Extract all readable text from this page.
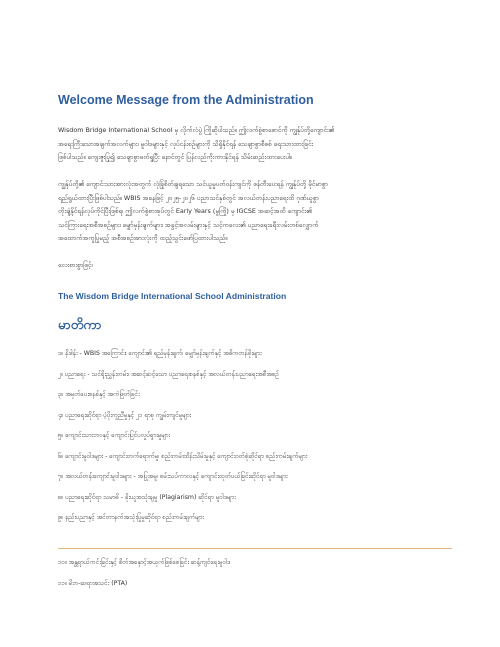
Welcome Message from the Administration
Wisdom Bridge International School မှ လိုက်လံပွဲ ကြိုဆိုပါသည်။ ဤလက်စွဲစာစောင်ကို ကျွန်ုပ်တို့ကျောင်း၏
အရေးကြီးသောအချက်အလက်များ၊ မူဝါဒများနှင့် လုပ်ငန်းစဉ်များကို သိရှိနိုင်ရန် သေချာစွာစီစစ် ရေးသားထားခြင်း
ဖြစ်ပါသည်။ ကျေးဇူးပြု၍ သေချာစွာဖတ်ရှုပြီး နောင်တွင် ပြန်လည်ကိုးကားနိုင်ရန် သိမ်းဆည်းထားပေးပါ။
ကျွန်ုပ်တို့၏ ကျောင်းသားအားလုံးအတွက် လုံခြုံစိတ်ချရသော သင်ယူမှုပတ်ဝန်းကျင်ကို ဖန်တီးပေးရန် ကျွန်ုပ်တို့ မိုင်မာစွာ
ရည်ရွယ်ထားပြီးဖြစ်ပါသည်။ WBIS အနေဖြင့် ၂၀၂၅-၂၀၂၆ ပညာသင်နှစ်တွင် အလယ်တန်းပညာရေးထိ ဂုဏ်ယူစွာ
တိုးချဲ့နိုင်ရန်လုပ်ကိုင်ပြီးဖြစ်ရ၊ ဤလက်စွဲစာအုပ်တွင် Early Years (မူကြို) မှ IGCSE အဆင့်အထိ ကျောင်း၏
သင်ကြားရေးအစီအစဉ်များ၊ မျှော်မှန်းချက်များ၊ အခွင့်အလမ်းများနှင့် သင့်ကလေး၏ ပညာရေးခရီးလမ်းတစ်လျှောက်
အထောက်အကူပြုမည့် အစီအစဉ်အားလုံးကို ထည့်သွင်းဖော်ပြထားပါသည်။
လေးစားစွာဖြင့်၊
The Wisdom Bridge International School Administration
မာတိကာ
၁။ နိဒါန်း - WBIS အကြောင်း၊ ကျောင်း၏ ရည်မှန်းချက်၊ မျှော်မှန်းချက်နှင့် အဓိကတန်ဖိုးများ
၂။ ပညာရေး - သင်ရိုးညွှန်းတမ်း၊ အဆင့်ဆင့်သော ပညာရေးစနစ်နှင့် အလယ်တန်းပညာရေးအစီအစဉ်
၃။ အမှတ်ပေးစနစ်နှင့် အကဲဖြတ်ခြင်း
၄။ ပညာရေးဆိုင်ရာ ပံ့ပိုးကူညီမှုနှင့် ၂၁ ရာစု ကျွမ်းကျင်မှုများ
၅။ ကျောင်းသားဘဝနှင့် ကျောင်းပြင်ပလှုပ်ရှားမှုများ
၆။ ကျောင်းမူဝါဒများ - ကျောင်းတက်ရောက်မှု၊ စည်းကမ်းထိန်းသိမ်းမှုနှင့် ကျောင်းဝတ်စုံဆိုင်ရာ စည်းကမ်းချက်များ
၇။ အလယ်တန်းကျောင်းမူဝါဒများ - အပြုအမူ၊ စမ်းသပ်ကာလနှင့် ကျောင်းထုတ်ပယ်ခြင်းဆိုင်ရာ မူဝါဒများ
၈။ ပညာရေးဆိုင်ရာ သမာဓိ - ခိုးယူအသုံးချမှု (Plagiarism) ဆိုင်ရာ မူဝါဒများ
၉။ နည်းပညာနှင့် အင်တာနက်အသုံးပြုမှုဆိုင်ရာ စည်းကမ်းချက်များ
၁၀။ အန္တရာယ်ကင်းခြင်းနှင့် စိတ်အနှောင့်အယှက်ဖြစ်စေခြင်း ဆန့်ကျင်ရေးမူဝါဒ
၁၁။ မိဘ-ဆရာအသင်း (PTA)
